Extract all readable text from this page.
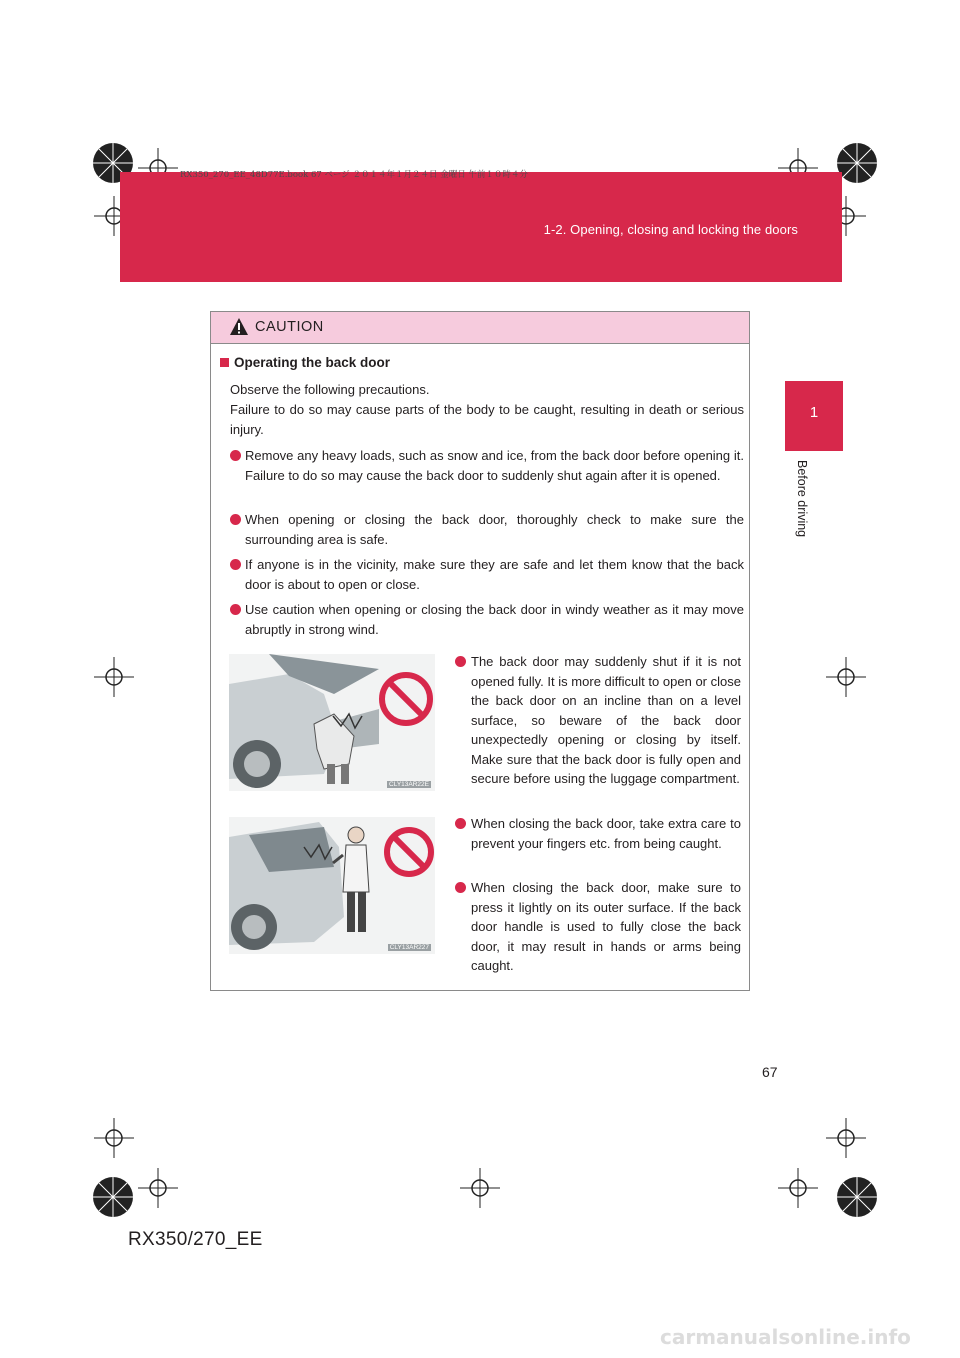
1-2. Opening, closing and locking the doors
RX350_270_EE_48D77E.book 67 ページ ２０１４年１月２４日 金曜日 午前１０時４分
1
Before driving
CAUTION
Operating the back door
Observe the following precautions.
Failure to do so may cause parts of the body to be caught, resulting in death or serious injury.
Remove any heavy loads, such as snow and ice, from the back door before opening it. Failure to do so may cause the back door to suddenly shut again after it is opened.
When opening or closing the back door, thoroughly check to make sure the surrounding area is safe.
If anyone is in the vicinity, make sure they are safe and let them know that the back door is about to open or close.
Use caution when opening or closing the back door in windy weather as it may move abruptly in strong wind.
CLY13AR22E
The back door may suddenly shut if it is not opened fully. It is more difficult to open or close the back door on an incline than on a level surface, so beware of the back door unexpectedly opening or closing by itself. Make sure that the back door is fully open and secure before using the luggage compartment.
CLY13AR227
When closing the back door, take extra care to prevent your fingers etc. from being caught.
When closing the back door, make sure to press it lightly on its outer surface. If the back door handle is used to fully close the back door, it may result in hands or arms being caught.
67
RX350/270_EE
carmanualsonline.info
